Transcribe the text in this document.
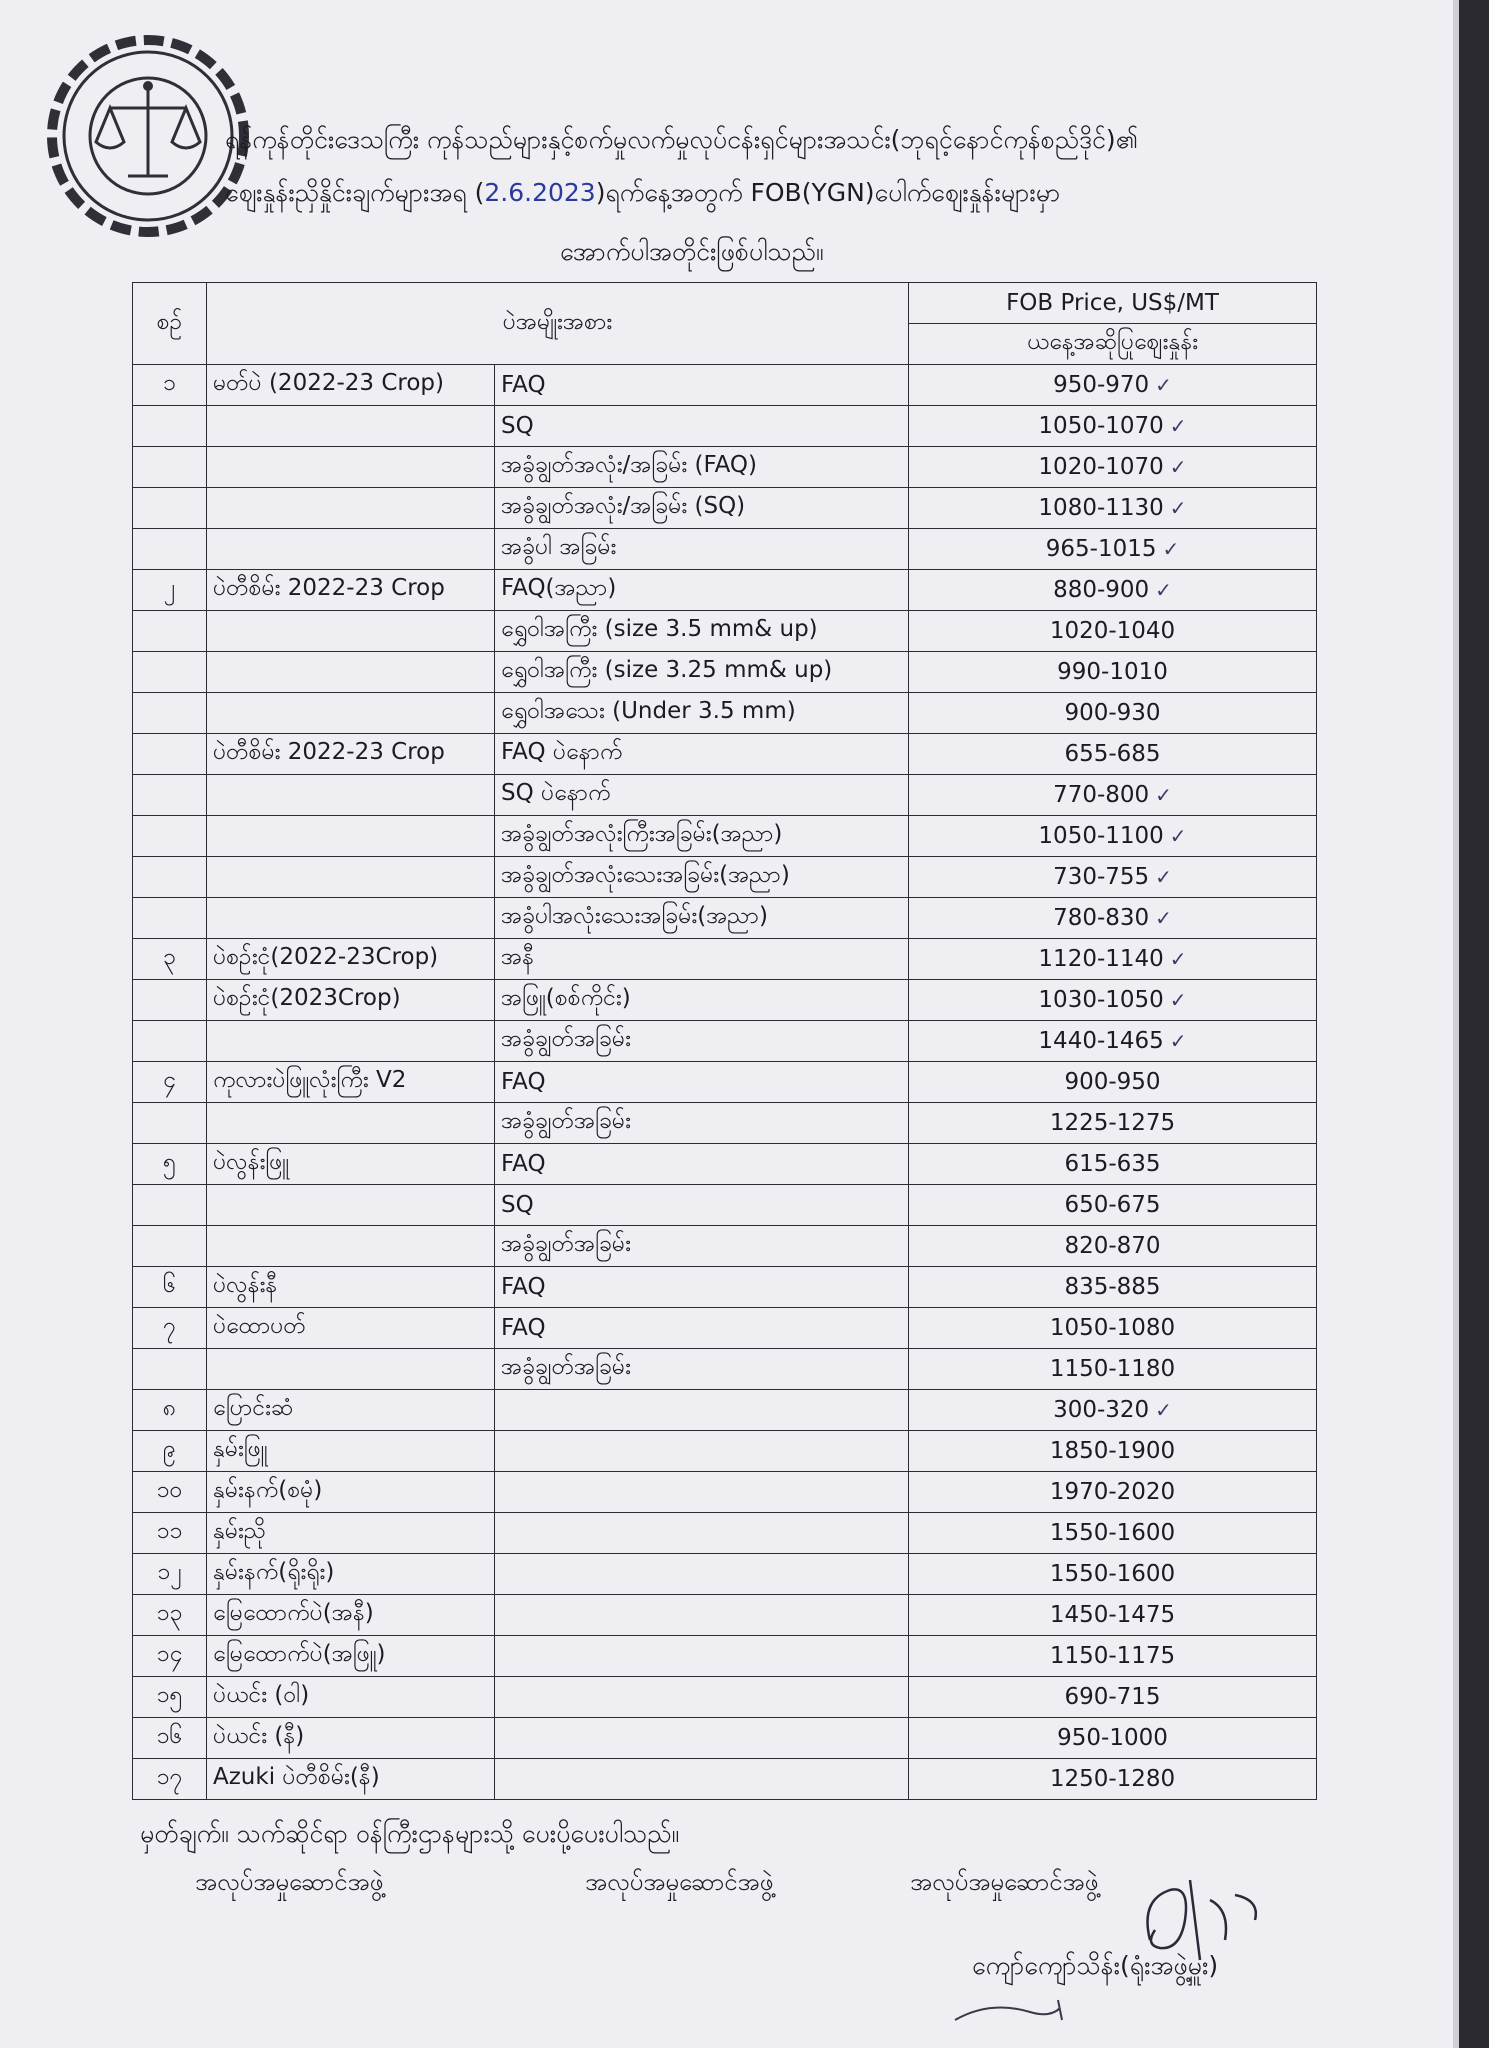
ရန်ကုန်တိုင်းဒေသကြီး ကုန်သည်များနှင့်စက်မှုလက်မှုလုပ်ငန်းရှင်များအသင်း(ဘုရင့်နောင်ကုန်စည်ဒိုင်)၏
ဈေးနှုန်းညှိနှိုင်းချက်များအရ (2.6.2023)ရက်နေ့အတွက် FOB(YGN)ပေါက်ဈေးနှုန်းများမှာ
အောက်ပါအတိုင်းဖြစ်ပါသည်။
စဉ်	ပဲအမျိုးအစား		FOB Price, US$/MT
			ယနေ့အဆိုပြုဈေးနှုန်း
၁	မတ်ပဲ (2022-23 Crop)	FAQ	950-970 ✓
		SQ	1050-1070 ✓
		အခွံချွတ်အလုံး/အခြမ်း (FAQ)	1020-1070 ✓
		အခွံချွတ်အလုံး/အခြမ်း (SQ)	1080-1130 ✓
		အခွံပါ အခြမ်း	965-1015 ✓
၂	ပဲတီစိမ်း 2022-23 Crop	FAQ(အညာ)	880-900 ✓
		ရွှေဝါအကြီး (size 3.5 mm& up)	1020-1040
		ရွှေဝါအကြီး (size 3.25 mm& up)	990-1010
		ရွှေဝါအသေး (Under 3.5 mm)	900-930
	ပဲတီစိမ်း 2022-23 Crop	FAQ ပဲနောက်	655-685
		SQ ပဲနောက်	770-800 ✓
		အခွံချွတ်အလုံးကြီးအခြမ်း(အညာ)	1050-1100 ✓
		အခွံချွတ်အလုံးသေးအခြမ်း(အညာ)	730-755 ✓
		အခွံပါအလုံးသေးအခြမ်း(အညာ)	780-830 ✓
၃	ပဲစဉ်းငုံ(2022-23Crop)	အနီ	1120-1140 ✓
	ပဲစဉ်းငုံ(2023Crop)	အဖြူ(စစ်ကိုင်း)	1030-1050 ✓
		အခွံချွတ်အခြမ်း	1440-1465 ✓
၄	ကုလားပဲဖြူလုံးကြီး V2	FAQ	900-950
		အခွံချွတ်အခြမ်း	1225-1275
၅	ပဲလွန်းဖြူ	FAQ	615-635
		SQ	650-675
		အခွံချွတ်အခြမ်း	820-870
၆	ပဲလွန်းနီ	FAQ	835-885
၇	ပဲထောပတ်	FAQ	1050-1080
		အခွံချွတ်အခြမ်း	1150-1180
၈	ပြောင်းဆံ		300-320 ✓
၉	နှမ်းဖြူ		1850-1900
၁၀	နှမ်းနက်(စမုံ)		1970-2020
၁၁	နှမ်းညို		1550-1600
၁၂	နှမ်းနက်(ရိုးရိုး)		1550-1600
၁၃	မြေထောက်ပဲ(အနီ)		1450-1475
၁၄	မြေထောက်ပဲ(အဖြူ)		1150-1175
၁၅	ပဲယင်း (ဝါ)		690-715
၁၆	ပဲယင်း (နီ)		950-1000
၁၇	Azuki ပဲတီစိမ်း(နီ)		1250-1280
မှတ်ချက်။ သက်ဆိုင်ရာ ဝန်ကြီးဌာနများသို့ ပေးပို့ပေးပါသည်။
အလုပ်အမှုဆောင်အဖွဲ့	အလုပ်အမှုဆောင်အဖွဲ့	အလုပ်အမှုဆောင်အဖွဲ့
ကျော်ကျော်သိန်း(ရုံးအဖွဲ့မှူး)
